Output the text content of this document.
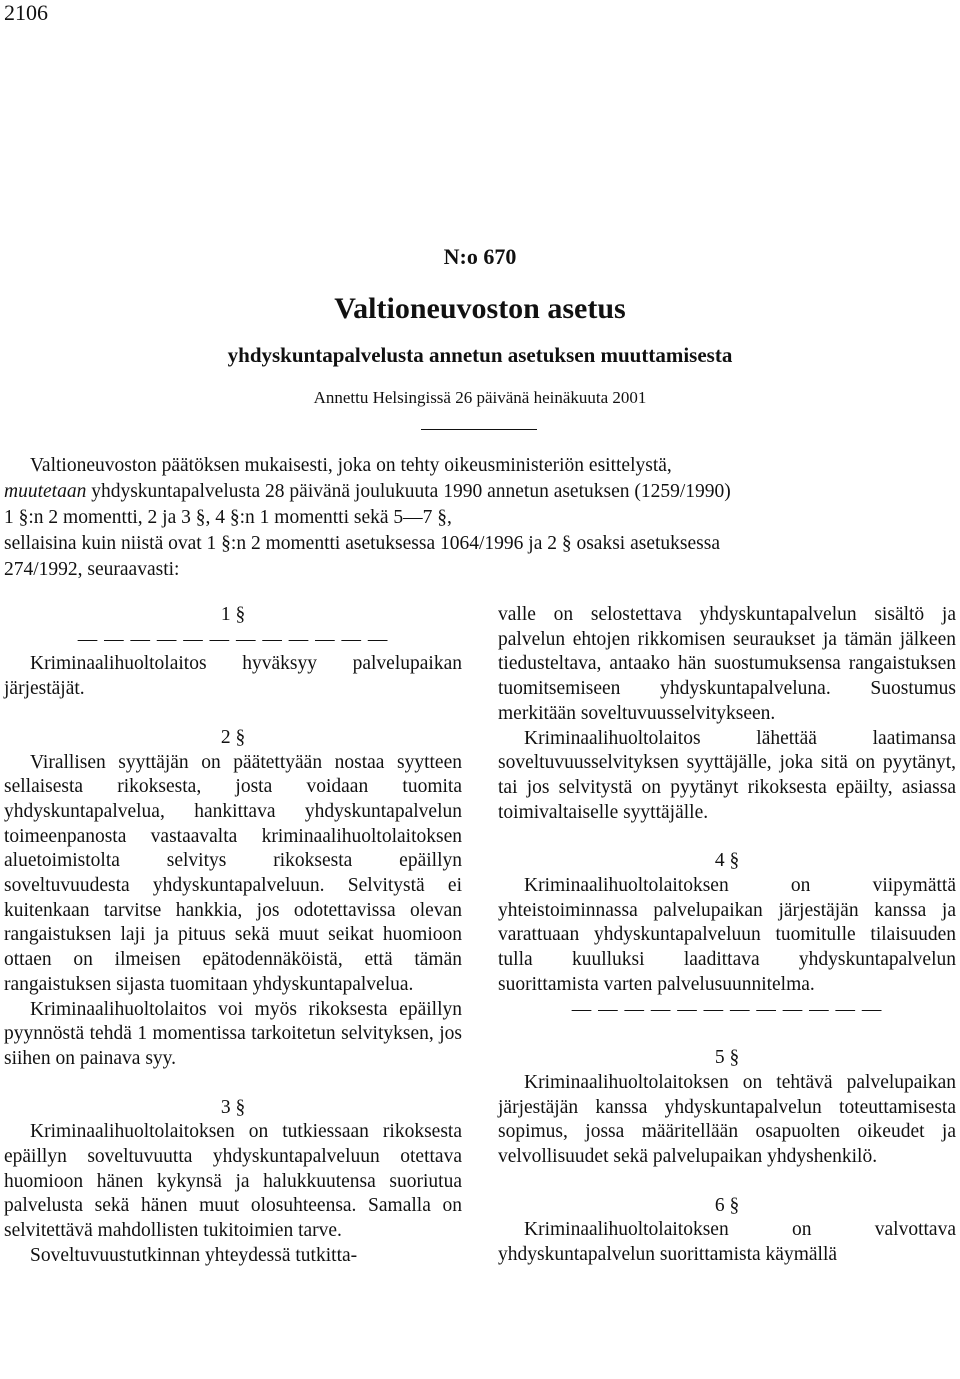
2106
N:o 670
Valtioneuvoston asetus
yhdyskuntapalvelusta annetun asetuksen muuttamisesta
Annettu Helsingissä 26 päivänä heinäkuuta 2001

Valtioneuvoston päätöksen mukaisesti, joka on tehty oikeusministeriön esittelystä,

muutetaan yhdyskuntapalvelusta 28 päivänä joulukuuta 1990 annetun asetuksen (1259/1990)

1 §:n 2 momentti, 2 ja 3 §, 4 §:n 1 momentti sekä 5—7 §,

sellaisina kuin niistä ovat 1 §:n 2 momentti asetuksessa 1064/1996 ja 2 § osaksi asetuksessa

274/1992, seuraavasti:

1 §
— — — — — — — — — — — —

Kriminaalihuoltolaitos hyväksyy palvelupaikan järjestäjät.

2 §

Virallisen syyttäjän on päätettyään nostaa syytteen sellaisesta rikoksesta, josta voidaan tuomita yhdyskuntapalvelua, hankittava yhdyskuntapalvelun toimeenpanosta vastaavalta kriminaalihuoltolaitoksen aluetoimistolta selvitys rikoksesta epäillyn soveltuvuudesta yhdyskuntapalveluun. Selvitystä ei kuitenkaan tarvitse hankkia, jos odotettavissa olevan rangaistuksen laji ja pituus sekä muut seikat huomioon ottaen on ilmeisen epätodennäköistä, että tämän rangaistuksen sijasta tuomitaan yhdyskuntapalvelua.

Kriminaalihuoltolaitos voi myös rikoksesta epäillyn pyynnöstä tehdä 1 momentissa tarkoitetun selvityksen, jos siihen on painava syy.

3 §

Kriminaalihuoltolaitoksen on tutkiessaan rikoksesta epäillyn soveltuvuutta yhdyskuntapalveluun otettava huomioon hänen kykynsä ja halukkuutensa suoriutua palvelusta sekä hänen muut olosuhteensa. Samalla on selvitettävä mahdollisten tukitoimien tarve.

Soveltuvuustutkinnan yhteydessä tutkitta-

valle on selostettava yhdyskuntapalvelun sisältö ja palvelun ehtojen rikkomisen seuraukset ja tämän jälkeen tiedusteltava, antaako hän suostumuksensa rangaistuksen tuomitsemiseen yhdyskuntapalveluna. Suostumus merkitään soveltuvuusselvitykseen.

Kriminaalihuoltolaitos lähettää laatimansa soveltuvuusselvityksen syyttäjälle, joka sitä on pyytänyt, tai jos selvitystä on pyytänyt rikoksesta epäilty, asiassa toimivaltaiselle syyttäjälle.

4 §

Kriminaalihuoltolaitoksen on viipymättä yhteistoiminnassa palvelupaikan järjestäjän kanssa ja varattuaan yhdyskuntapalveluun tuomitulle tilaisuuden tulla kuulluksi laadittava yhdyskuntapalvelun suorittamista varten palvelusuunnitelma.

— — — — — — — — — — — —
5 §

Kriminaalihuoltolaitoksen on tehtävä palvelupaikan järjestäjän kanssa yhdyskuntapalvelun toteuttamisesta sopimus, jossa määritellään osapuolten oikeudet ja velvollisuudet sekä palvelupaikan yhdyshenkilö.

6 §

Kriminaalihuoltolaitoksen on valvottava yhdyskuntapalvelun suorittamista käymällä
